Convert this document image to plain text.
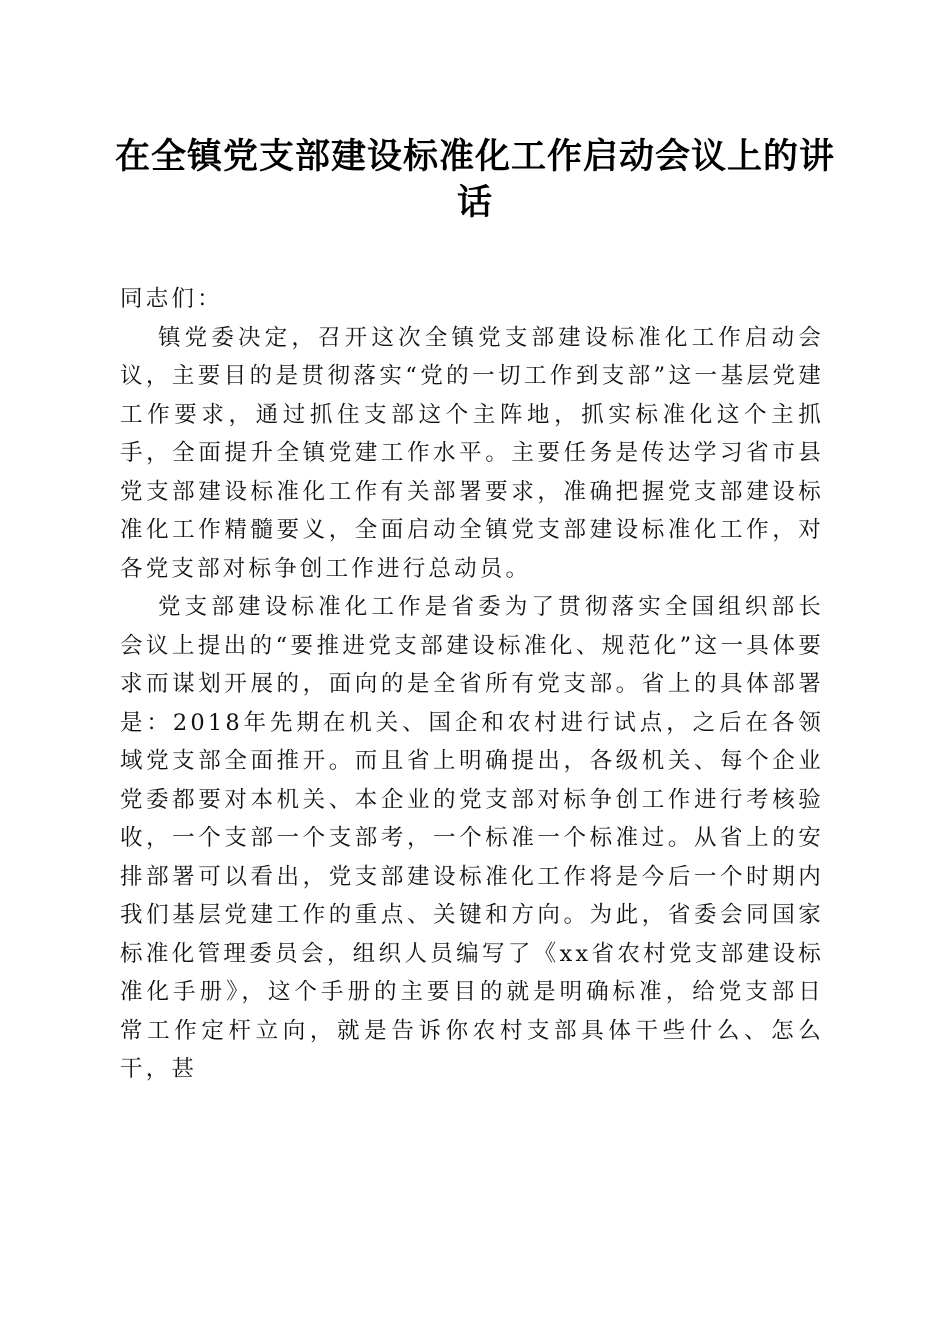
在全镇党支部建设标准化工作启动会议上的讲话

同志们：

镇党委决定，召开这次全镇党支部建设标准化工作启动会议，主要目的是贯彻落实“党的一切工作到支部”这一基层党建工作要求，通过抓住支部这个主阵地，抓实标准化这个主抓手，全面提升全镇党建工作水平。主要任务是传达学习省市县党支部建设标准化工作有关部署要求，准确把握党支部建设标准化工作精髓要义，全面启动全镇党支部建设标准化工作，对各党支部对标争创工作进行总动员。

党支部建设标准化工作是省委为了贯彻落实全国组织部长会议上提出的“要推进党支部建设标准化、规范化”这一具体要求而谋划开展的，面向的是全省所有党支部。省上的具体部署是：2018年先期在机关、国企和农村进行试点，之后在各领域党支部全面推开。而且省上明确提出，各级机关、每个企业党委都要对本机关、本企业的党支部对标争创工作进行考核验收，一个支部一个支部考，一个标准一个标准过。从省上的安排部署可以看出，党支部建设标准化工作将是今后一个时期内我们基层党建工作的重点、关键和方向。为此，省委会同国家标准化管理委员会，组织人员编写了《xx省农村党支部建设标准化手册》，这个手册的主要目的就是明确标准，给党支部日常工作定杆立向，就是告诉你农村支部具体干些什么、怎么干，甚
